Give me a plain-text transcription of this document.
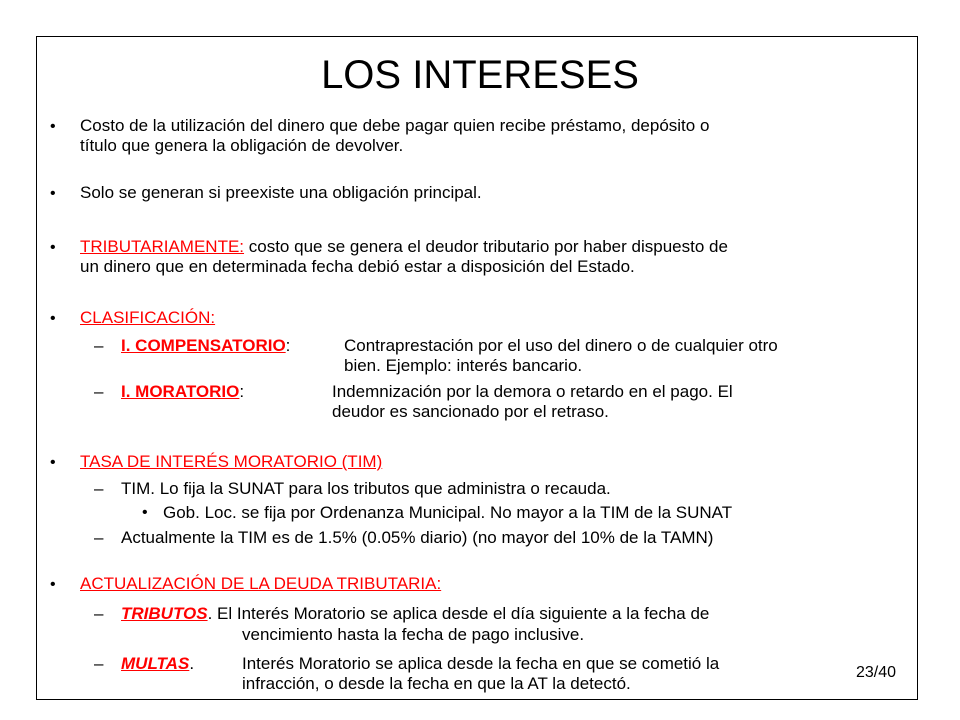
LOS INTERESES
• Costo de la utilización del dinero que debe pagar quien recibe préstamo, depósito o
título que genera la obligación de devolver.
• Solo se generan si preexiste una obligación principal.
• TRIBUTARIAMENTE: costo que se genera el deudor tributario por haber dispuesto de
un dinero que en determinada fecha debió estar a disposición del Estado.
• CLASIFICACIÓN:
– I. COMPENSATORIO:	Contraprestación por el uso del dinero o de cualquier otro
bien. Ejemplo: interés bancario.
– I. MORATORIO:	Indemnización por la demora o retardo en el pago. El
deudor es sancionado por el retraso.
• TASA DE INTERÉS MORATORIO (TIM)
– TIM. Lo fija la SUNAT para los tributos que administra o recauda.
• Gob. Loc. se fija por Ordenanza Municipal. No mayor a la TIM de la SUNAT
– Actualmente la TIM es de 1.5% (0.05% diario) (no mayor del 10% de la TAMN)
• ACTUALIZACIÓN DE LA DEUDA TRIBUTARIA:
– TRIBUTOS. El Interés Moratorio se aplica desde el día siguiente a la fecha de
vencimiento hasta la fecha de pago inclusive.
– MULTAS.	Interés Moratorio se aplica desde la fecha en que se cometió la
infracción, o desde la fecha en que la AT la detectó.
23/40
